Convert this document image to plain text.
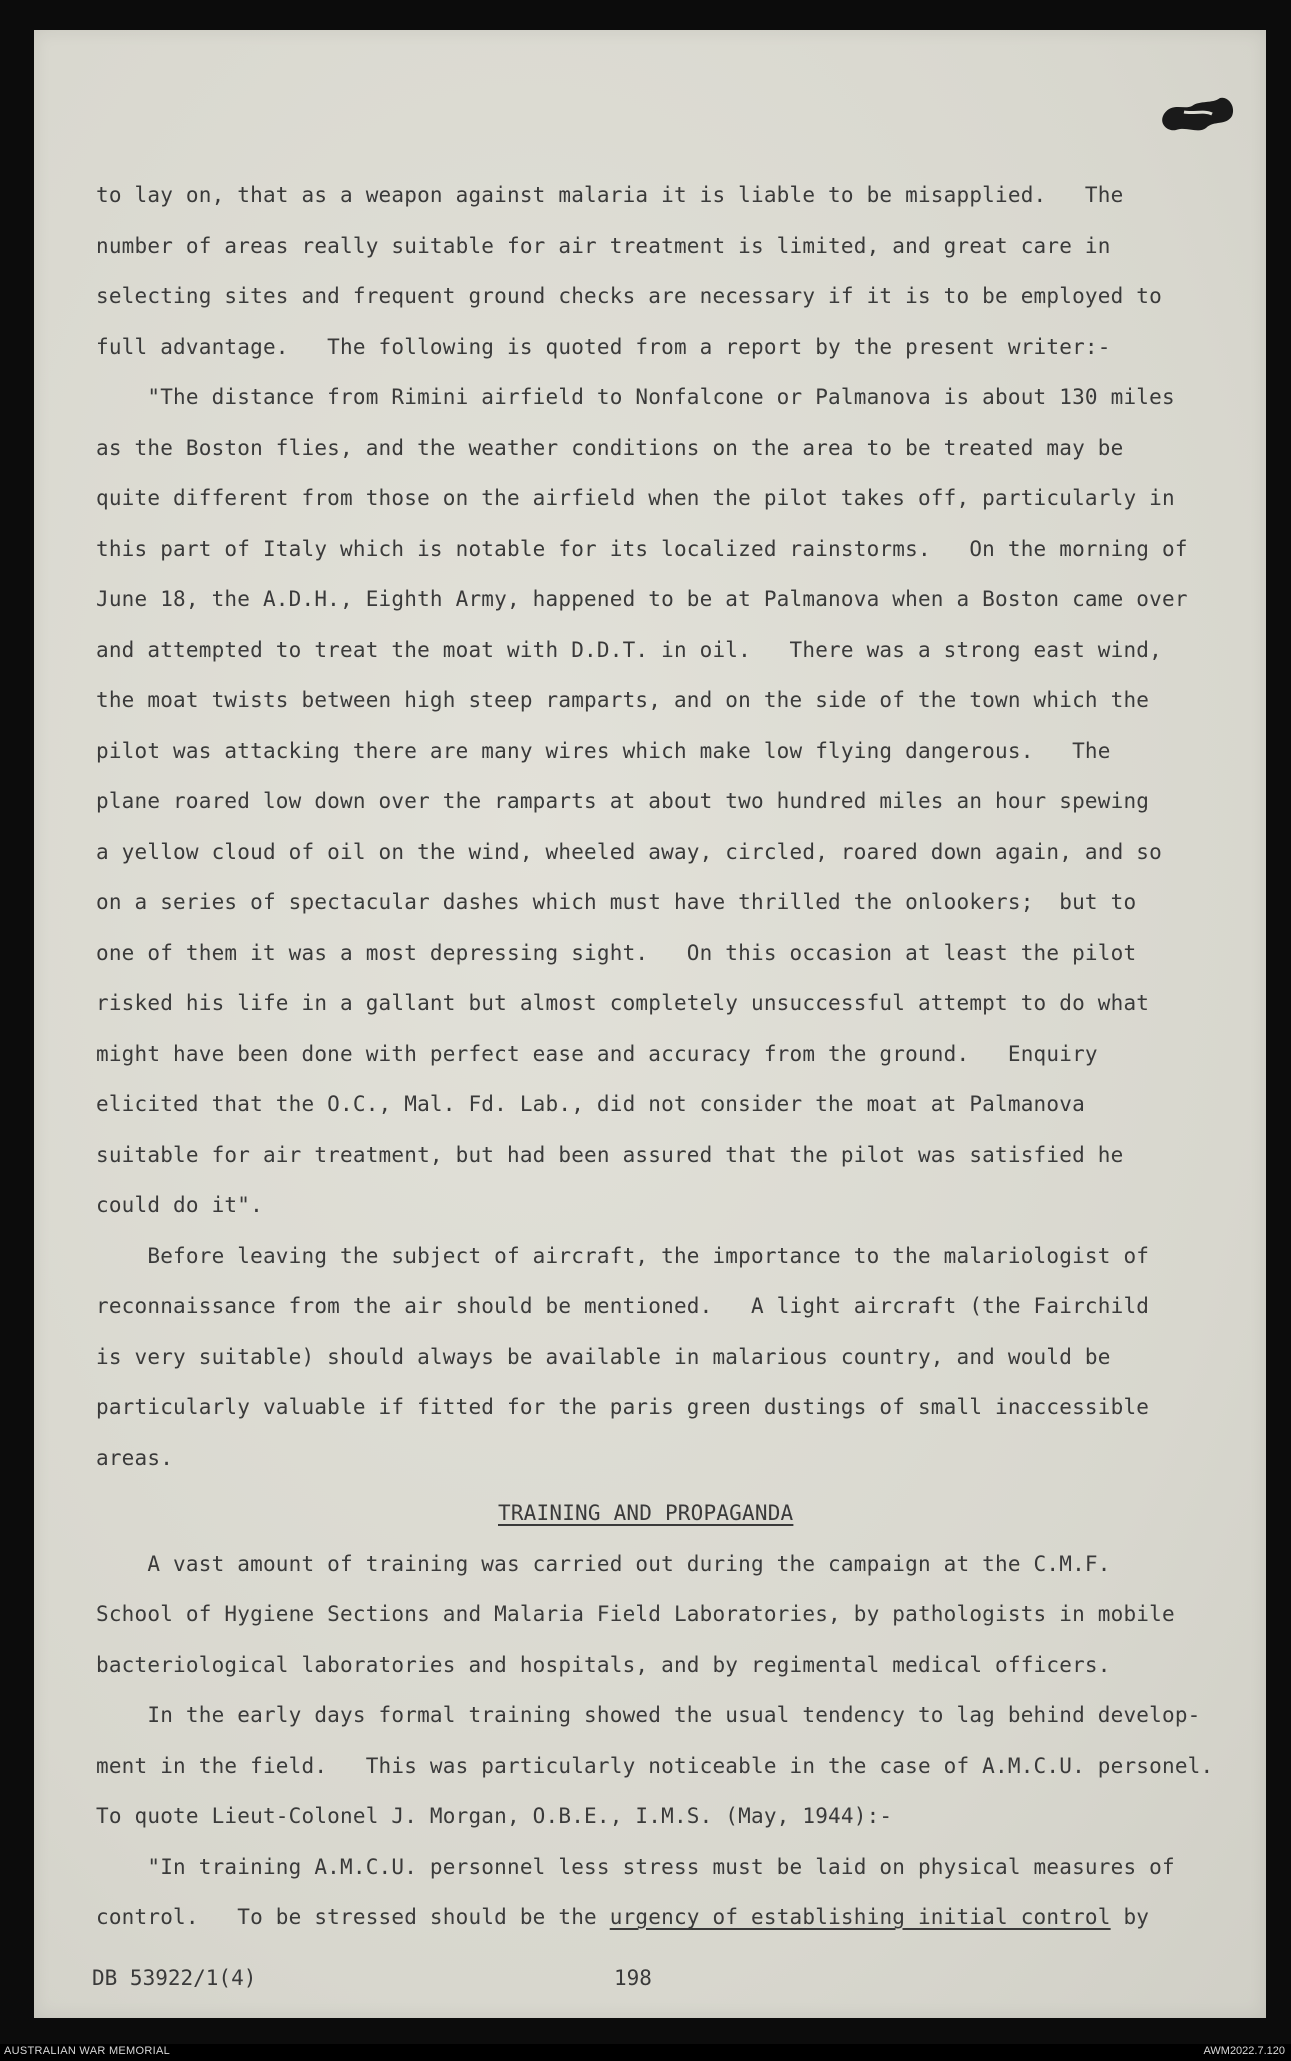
to lay on, that as a weapon against malaria it is liable to be misapplied.   The
number of areas really suitable for air treatment is limited, and great care in
selecting sites and frequent ground checks are necessary if it is to be employed to
full advantage.   The following is quoted from a report by the present writer:-
"The distance from Rimini airfield to Nonfalcone or Palmanova is about 130 miles
as the Boston flies, and the weather conditions on the area to be treated may be
quite different from those on the airfield when the pilot takes off, particularly in
this part of Italy which is notable for its localized rainstorms.   On the morning of
June 18, the A.D.H., Eighth Army, happened to be at Palmanova when a Boston came over
and attempted to treat the moat with D.D.T. in oil.   There was a strong east wind,
the moat twists between high steep ramparts, and on the side of the town which the
pilot was attacking there are many wires which make low flying dangerous.   The
plane roared low down over the ramparts at about two hundred miles an hour spewing
a yellow cloud of oil on the wind, wheeled away, circled, roared down again, and so
on a series of spectacular dashes which must have thrilled the onlookers;  but to
one of them it was a most depressing sight.   On this occasion at least the pilot
risked his life in a gallant but almost completely unsuccessful attempt to do what
might have been done with perfect ease and accuracy from the ground.   Enquiry
elicited that the O.C., Mal. Fd. Lab., did not consider the moat at Palmanova
suitable for air treatment, but had been assured that the pilot was satisfied he
could do it".
Before leaving the subject of aircraft, the importance to the malariologist of
reconnaissance from the air should be mentioned.   A light aircraft (the Fairchild
is very suitable) should always be available in malarious country, and would be
particularly valuable if fitted for the paris green dustings of small inaccessible
areas.
TRAINING AND PROPAGANDA
A vast amount of training was carried out during the campaign at the C.M.F.
School of Hygiene Sections and Malaria Field Laboratories, by pathologists in mobile
bacteriological laboratories and hospitals, and by regimental medical officers.
In the early days formal training showed the usual tendency to lag behind develop-
ment in the field.   This was particularly noticeable in the case of A.M.C.U. personel.
To quote Lieut-Colonel J. Morgan, O.B.E., I.M.S. (May, 1944):-
"In training A.M.C.U. personnel less stress must be laid on physical measures of
control.   To be stressed should be the urgency of establishing initial control by
DB 53922/1(4)	198
AUSTRALIAN WAR MEMORIAL	AWM2022.7.120
